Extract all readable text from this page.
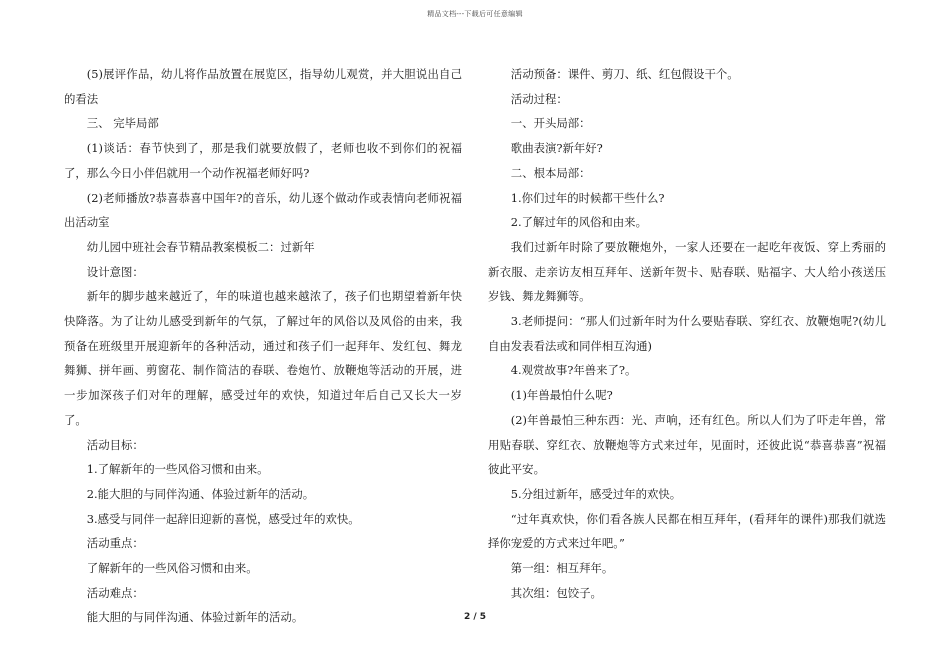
精品文档---下载后可任意编辑

(5)展评作品，幼儿将作品放置在展览区，指导幼儿观赏，并大胆说出自己的看法

三、 完毕局部

(1)谈话：春节快到了，那是我们就要放假了，老师也收不到你们的祝福了，那么今日小伴侣就用一个动作祝福老师好吗?

(2)老师播放?恭喜恭喜中国年?的音乐，幼儿逐个做动作或表情向老师祝福出活动室

幼儿园中班社会春节精品教案模板二：过新年

设计意图：

新年的脚步越来越近了，年的味道也越来越浓了，孩子们也期望着新年快快降落。为了让幼儿感受到新年的气氛，了解过年的风俗以及风俗的由来，我预备在班级里开展迎新年的各种活动，通过和孩子们一起拜年、发红包、舞龙舞狮、拼年画、剪窗花、制作简洁的春联、卷炮竹、放鞭炮等活动的开展，进一步加深孩子们对年的理解，感受过年的欢快，知道过年后自己又长大一岁了。

活动目标：

1.了解新年的一些风俗习惯和由来。

2.能大胆的与同伴沟通、体验过新年的活动。

3.感受与同伴一起辞旧迎新的喜悦，感受过年的欢快。

活动重点：

了解新年的一些风俗习惯和由来。

活动难点：

能大胆的与同伴沟通、体验过新年的活动。

活动预备：课件、剪刀、纸、红包假设干个。

活动过程：

一、开头局部：

歌曲表演?新年好?

二、根本局部：

1.你们过年的时候都干些什么?

2.了解过年的风俗和由来。

我们过新年时除了要放鞭炮外，一家人还要在一起吃年夜饭、穿上秀丽的新衣服、走亲访友相互拜年、送新年贺卡、贴春联、贴福字、大人给小孩送压岁钱、舞龙舞狮等。

3.老师提问：“那人们过新年时为什么要贴春联、穿红衣、放鞭炮呢?(幼儿自由发表看法或和同伴相互沟通)

4.观赏故事?年兽来了?。

(1)年兽最怕什么呢?

(2)年兽最怕三种东西：光、声响，还有红色。所以人们为了吓走年兽，常用贴春联、穿红衣、放鞭炮等方式来过年，见面时，还彼此说“恭喜恭喜”祝福彼此平安。

5.分组过新年，感受过年的欢快。

“过年真欢快，你们看各族人民都在相互拜年，(看拜年的课件)那我们就选择你宠爱的方式来过年吧。”

第一组：相互拜年。

其次组：包饺子。

2 / 5
